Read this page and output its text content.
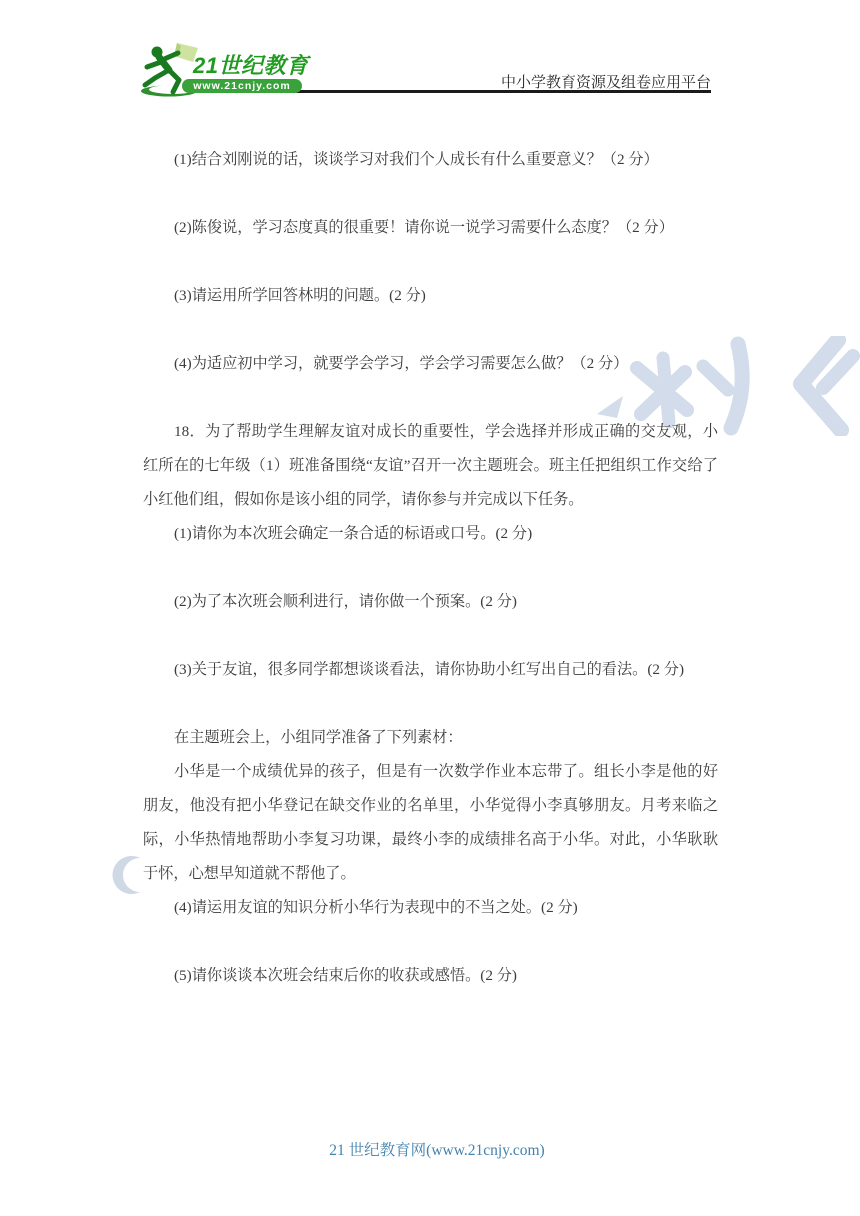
21世纪教育
www.21cnjy.com	中小学教育资源及组卷应用平台

(1)结合刘刚说的话，谈谈学习对我们个人成长有什么重要意义？（2 分）

(2)陈俊说，学习态度真的很重要！请你说一说学习需要什么态度？（2 分）

(3)请运用所学回答林明的问题。(2 分)

(4)为适应初中学习，就要学会学习，学会学习需要怎么做？（2 分）

18．为了帮助学生理解友谊对成长的重要性，学会选择并形成正确的交友观，小红所在的七年级（1）班准备围绕“友谊”召开一次主题班会。班主任把组织工作交给了小红他们组，假如你是该小组的同学，请你参与并完成以下任务。

(1)请你为本次班会确定一条合适的标语或口号。(2 分)

(2)为了本次班会顺利进行，请你做一个预案。(2 分)

(3)关于友谊，很多同学都想谈谈看法，请你协助小红写出自己的看法。(2 分)

在主题班会上，小组同学准备了下列素材：

小华是一个成绩优异的孩子，但是有一次数学作业本忘带了。组长小李是他的好朋友，他没有把小华登记在缺交作业的名单里，小华觉得小李真够朋友。月考来临之际，小华热情地帮助小李复习功课，最终小李的成绩排名高于小华。对此，小华耿耿于怀，心想早知道就不帮他了。

(4)请运用友谊的知识分析小华行为表现中的不当之处。(2 分)

(5)请你谈谈本次班会结束后你的收获或感悟。(2 分)

21 世纪教育网(www.21cnjy.com)
